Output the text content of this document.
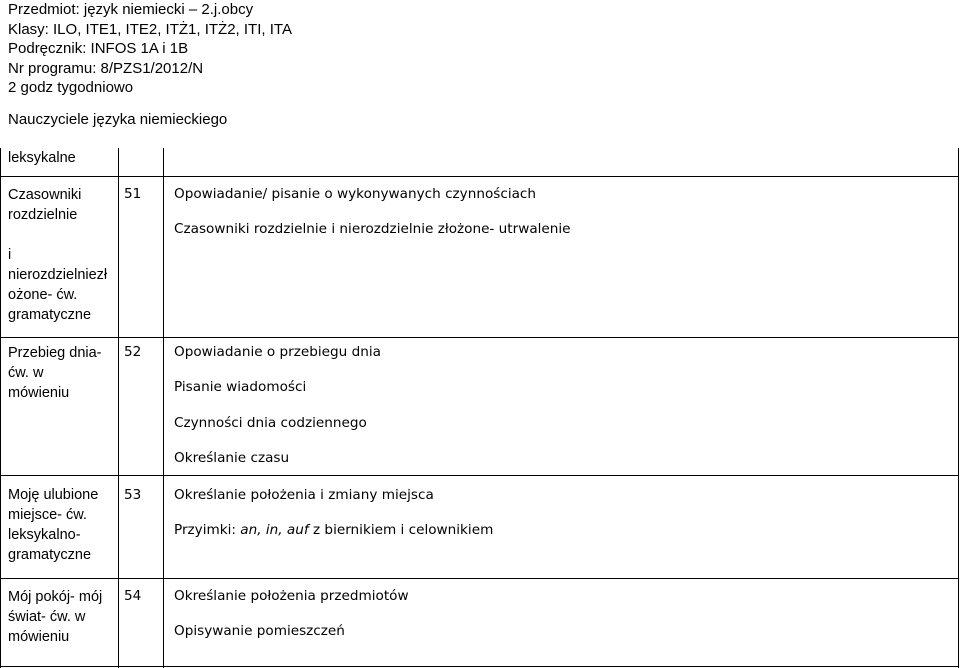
Przedmiot: język niemiecki – 2.j.obcy
Klasy: ILO, ITE1, ITE2, ITŻ1, ITŻ2, ITI, ITA
Podręcznik: INFOS 1A i 1B
Nr programu: 8/PZS1/2012/N
2 godz tygodniowo
Nauczyciele języka niemieckiego
leksykalne
Czasowniki
rozdzielnie
i
nierozdzielniezł
ożone- ćw.
gramatyczne
51 Opowiadanie/ pisanie o wykonywanych czynnościach
Czasowniki rozdzielnie i nierozdzielnie złożone- utrwalenie
Przebieg dnia-
ćw. w
mówieniu
52 Opowiadanie o przebiegu dnia
Pisanie wiadomości
Czynności dnia codziennego
Określanie czasu
Moję ulubione
miejsce- ćw.
leksykalno-
gramatyczne
53 Określanie położenia i zmiany miejsca
Przyimki: an, in, auf z biernikiem i celownikiem
Mój pokój- mój
świat- ćw. w
mówieniu
54 Określanie położenia przedmiotów
Opisywanie pomieszczeń
